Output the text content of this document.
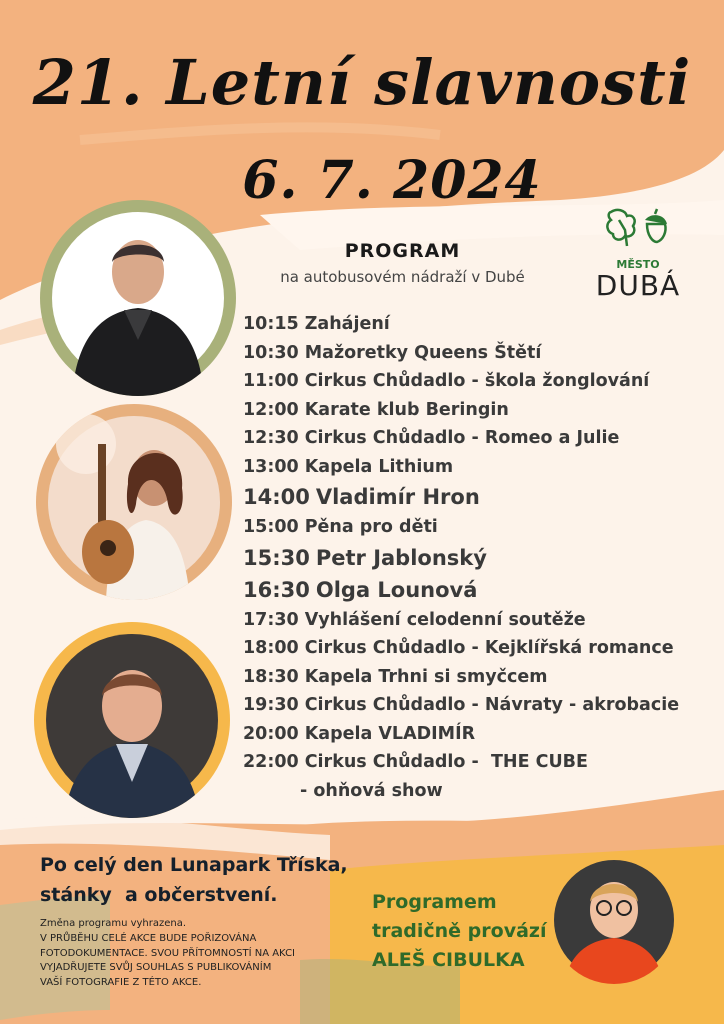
21. Letní slavnosti
6. 7. 2024
PROGRAM
na autobusovém nádraží v Dubé
MĚSTO
DUBÁ
10:15 Zahájení
10:30 Mažoretky Queens Štětí
11:00 Cirkus Chůdadlo - škola žonglování
12:00 Karate klub Beringin
12:30 Cirkus Chůdadlo - Romeo a Julie
13:00 Kapela Lithium
14:00 Vladimír Hron
15:00 Pěna pro děti
15:30 Petr Jablonský
16:30 Olga Lounová
17:30 Vyhlášení celodenní soutěže
18:00 Cirkus Chůdadlo - Kejklířská romance
18:30 Kapela Trhni si smyčcem
19:30 Cirkus Chůdadlo - Návraty - akrobacie
20:00 Kapela VLADIMÍR
22:00 Cirkus Chůdadlo -  THE CUBE
- ohňová show
Po celý den Lunapark Tříska,
stánky  a občerstvení.
Změna programu vyhrazena.
V PRŮBĚHU CELÉ AKCE BUDE POŘIZOVÁNA
FOTODOKUMENTACE. SVOU PŘÍTOMNOSTÍ NA AKCI
VYJADŘUJETE SVŮJ SOUHLAS S PUBLIKOVÁNÍM
VAŠÍ FOTOGRAFIE Z TÉTO AKCE.
Programem
tradičně provází
ALEŠ CIBULKA
